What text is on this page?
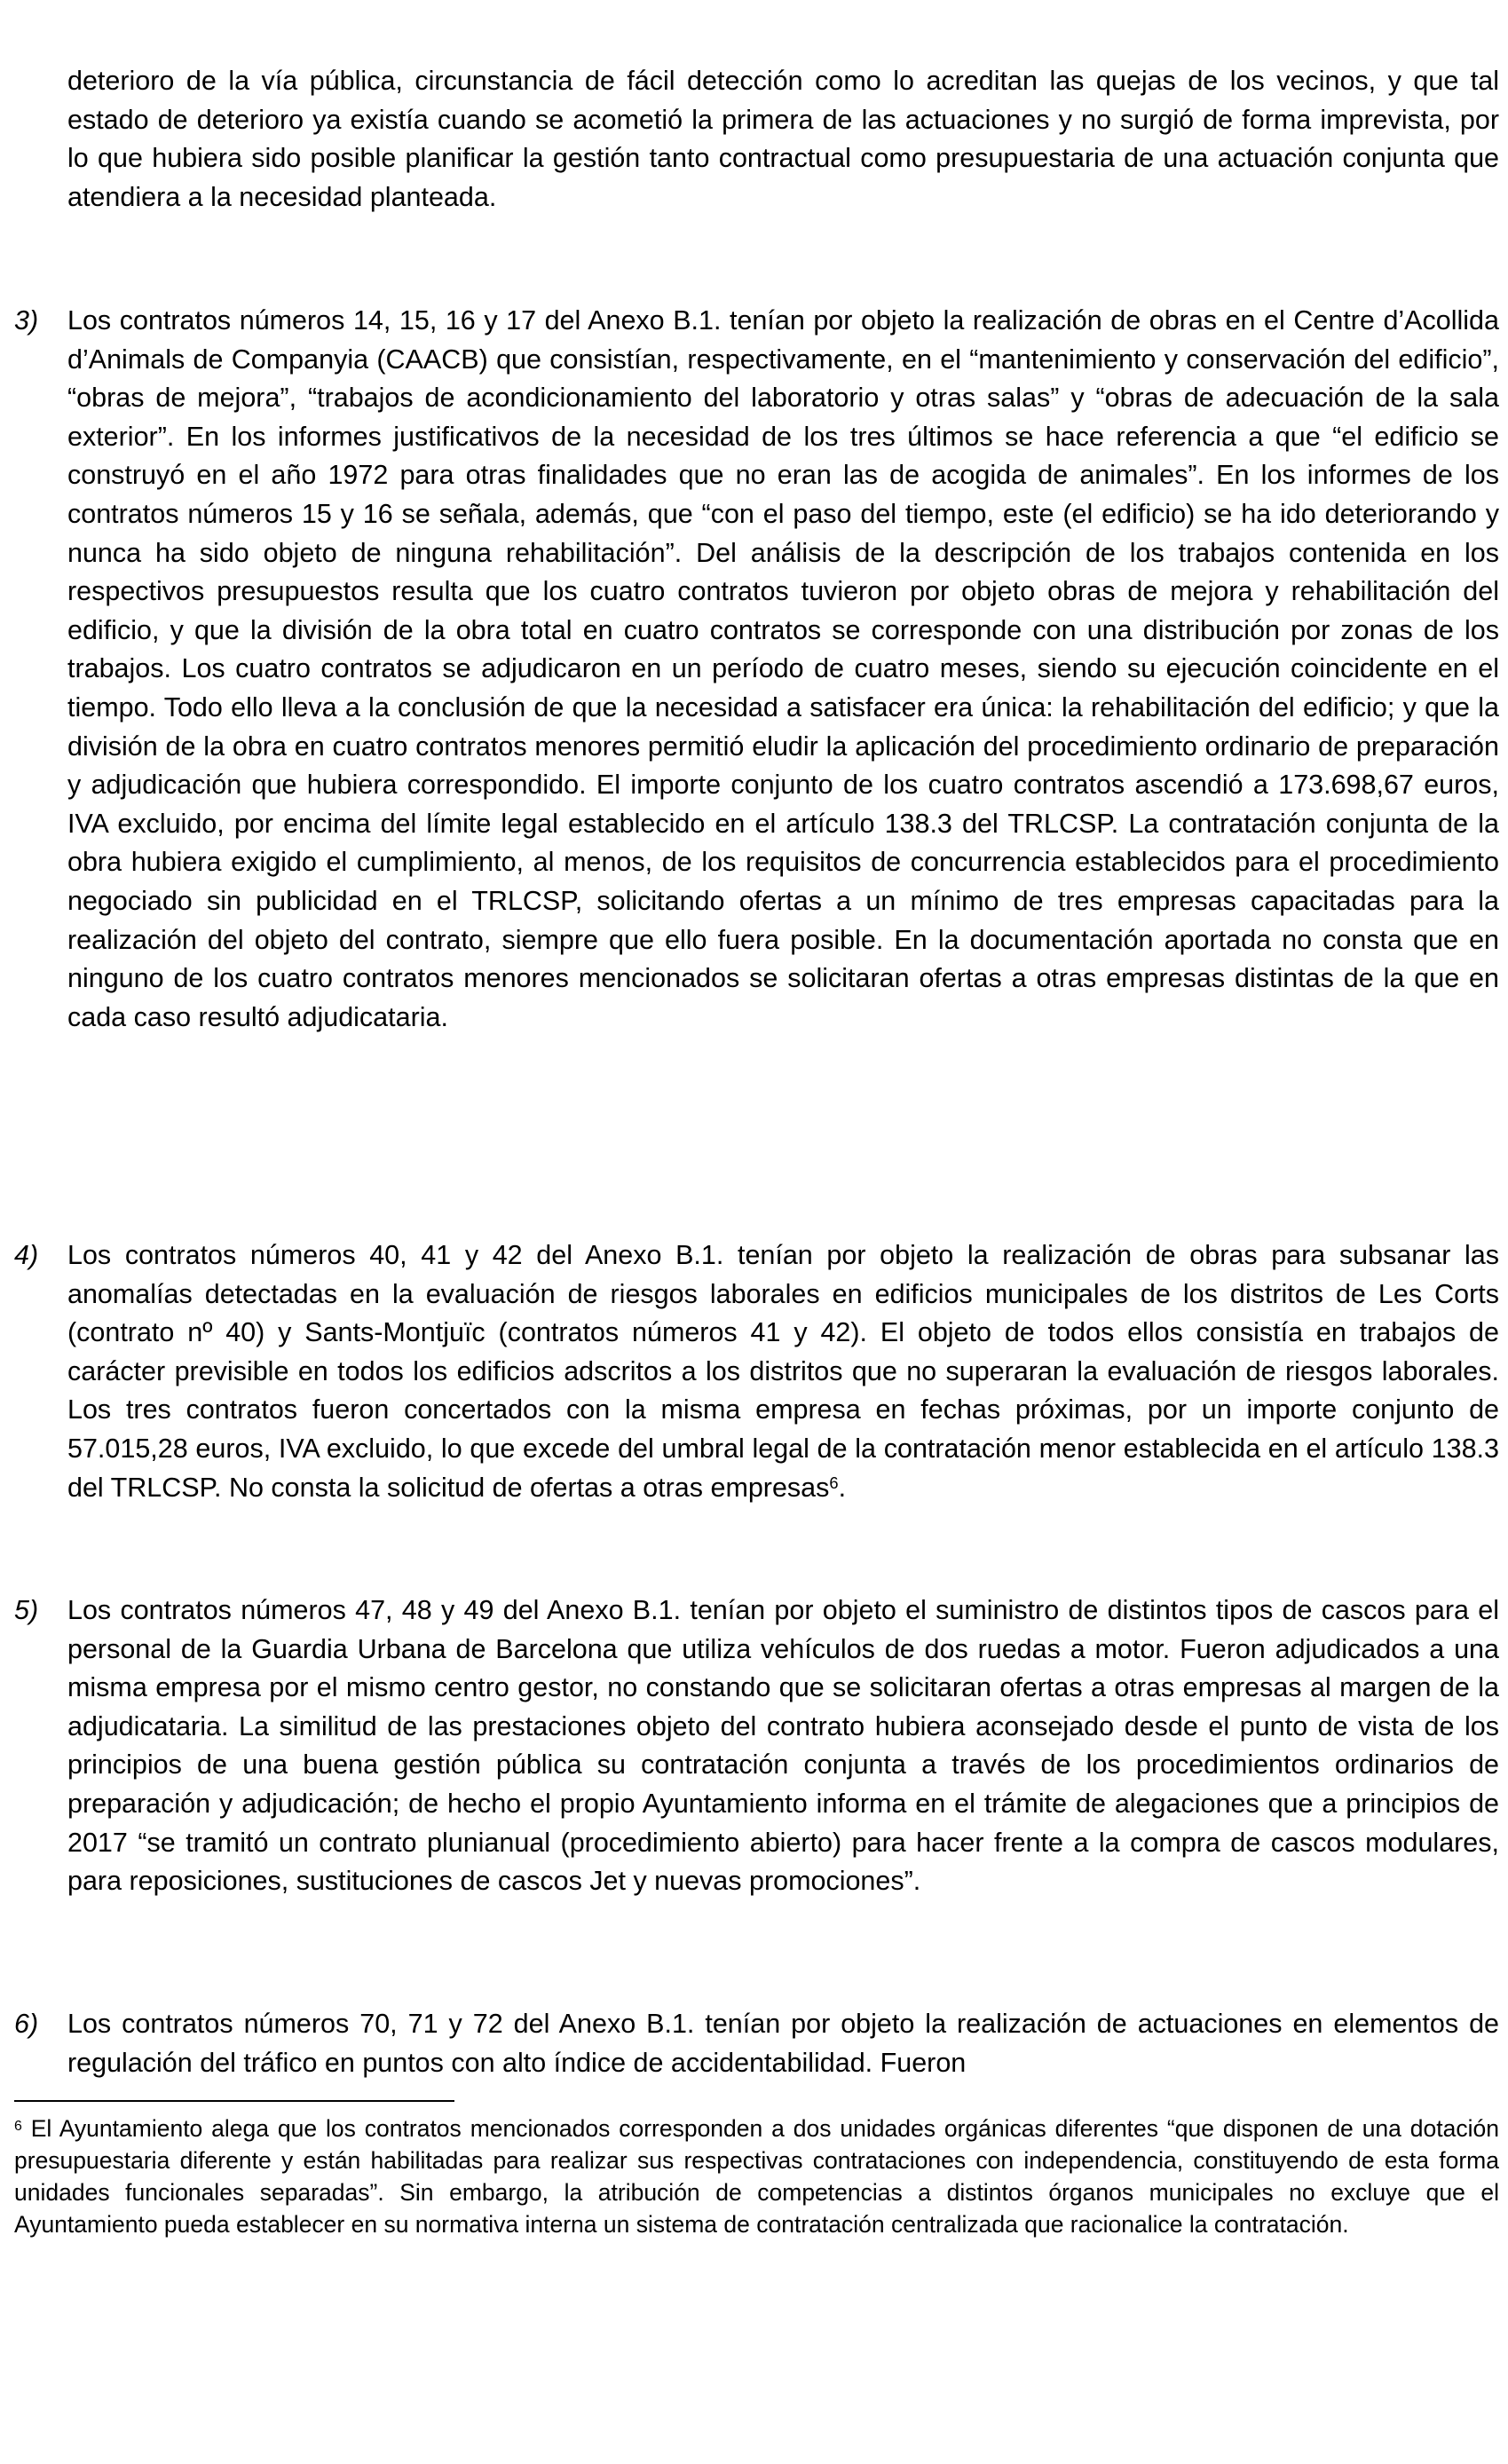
deterioro de la vía pública, circunstancia de fácil detección como lo acreditan las quejas de los vecinos, y que tal estado de deterioro ya existía cuando se acometió la primera de las actuaciones y no surgió de forma imprevista, por lo que hubiera sido posible planificar la gestión tanto contractual como presupuestaria de una actuación conjunta que atendiera a la necesidad planteada.

3) Los contratos números 14, 15, 16 y 17 del Anexo B.1. tenían por objeto la realización de obras en el Centre d’Acollida d’Animals de Companyia (CAACB) que consistían, respectivamente, en el “mantenimiento y conservación del edificio”, “obras de mejora”, “trabajos de acondicionamiento del laboratorio y otras salas” y “obras de adecuación de la sala exterior”. En los informes justificativos de la necesidad de los tres últimos se hace referencia a que “el edificio se construyó en el año 1972 para otras finalidades que no eran las de acogida de animales”. En los informes de los contratos números 15 y 16 se señala, además, que “con el paso del tiempo, este (el edificio) se ha ido deteriorando y nunca ha sido objeto de ninguna rehabilitación”. Del análisis de la descripción de los trabajos contenida en los respectivos presupuestos resulta que los cuatro contratos tuvieron por objeto obras de mejora y rehabilitación del edificio, y que la división de la obra total en cuatro contratos se corresponde con una distribución por zonas de los trabajos. Los cuatro contratos se adjudicaron en un período de cuatro meses, siendo su ejecución coincidente en el tiempo. Todo ello lleva a la conclusión de que la necesidad a satisfacer era única: la rehabilitación del edificio; y que la división de la obra en cuatro contratos menores permitió eludir la aplicación del procedimiento ordinario de preparación y adjudicación que hubiera correspondido. El importe conjunto de los cuatro contratos ascendió a 173.698,67 euros, IVA excluido, por encima del límite legal establecido en el artículo 138.3 del TRLCSP. La contratación conjunta de la obra hubiera exigido el cumplimiento, al menos, de los requisitos de concurrencia establecidos para el procedimiento negociado sin publicidad en el TRLCSP, solicitando ofertas a un mínimo de tres empresas capacitadas para la realización del objeto del contrato, siempre que ello fuera posible. En la documentación aportada no consta que en ninguno de los cuatro contratos menores mencionados se solicitaran ofertas a otras empresas distintas de la que en cada caso resultó adjudicataria.

4) Los contratos números 40, 41 y 42 del Anexo B.1. tenían por objeto la realización de obras para subsanar las anomalías detectadas en la evaluación de riesgos laborales en edificios municipales de los distritos de Les Corts (contrato nº 40) y Sants-Montjuïc (contratos números 41 y 42). El objeto de todos ellos consistía en trabajos de carácter previsible en todos los edificios adscritos a los distritos que no superaran la evaluación de riesgos laborales. Los tres contratos fueron concertados con la misma empresa en fechas próximas, por un importe conjunto de 57.015,28 euros, IVA excluido, lo que excede del umbral legal de la contratación menor establecida en el artículo 138.3 del TRLCSP. No consta la solicitud de ofertas a otras empresas$^6$.

5) Los contratos números 47, 48 y 49 del Anexo B.1. tenían por objeto el suministro de distintos tipos de cascos para el personal de la Guardia Urbana de Barcelona que utiliza vehículos de dos ruedas a motor. Fueron adjudicados a una misma empresa por el mismo centro gestor, no constando que se solicitaran ofertas a otras empresas al margen de la adjudicataria. La similitud de las prestaciones objeto del contrato hubiera aconsejado desde el punto de vista de los principios de una buena gestión pública su contratación conjunta a través de los procedimientos ordinarios de preparación y adjudicación; de hecho el propio Ayuntamiento informa en el trámite de alegaciones que a principios de 2017 “se tramitó un contrato plunianual (procedimiento abierto) para hacer frente a la compra de cascos modulares, para reposiciones, sustituciones de cascos Jet y nuevas promociones”.

6) Los contratos números 70, 71 y 72 del Anexo B.1. tenían por objeto la realización de actuaciones en elementos de regulación del tráfico en puntos con alto índice de accidentabilidad. Fueron

$^6$ El Ayuntamiento alega que los contratos mencionados corresponden a dos unidades orgánicas diferentes “que disponen de una dotación presupuestaria diferente y están habilitadas para realizar sus respectivas contrataciones con independencia, constituyendo de esta forma unidades funcionales separadas”. Sin embargo, la atribución de competencias a distintos órganos municipales no excluye que el Ayuntamiento pueda establecer en su normativa interna un sistema de contratación centralizada que racionalice la contratación.
